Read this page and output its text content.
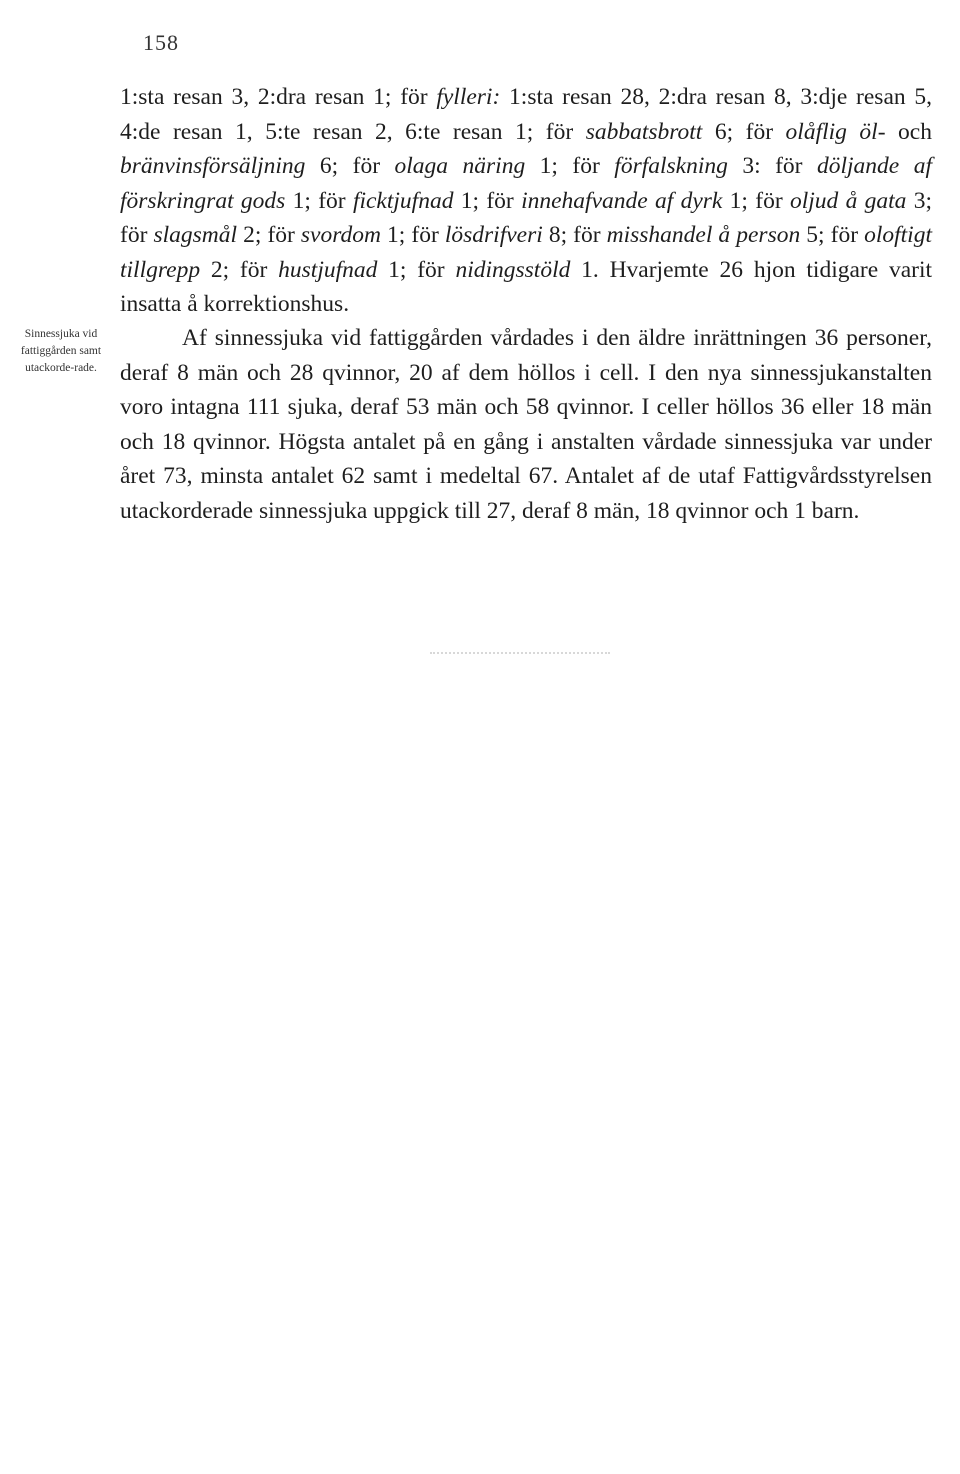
158

Sinnessjuka vid fattiggården samt utackorde-rade.

1:sta resan 3, 2:dra resan 1; för fylleri: 1:sta resan 28, 2:dra resan 8, 3:dje resan 5, 4:de resan 1, 5:te resan 2, 6:te resan 1; för sabbatsbrott 6; för olåflig öl- och bränvinsförsäljning 6; för olaga näring 1; för förfalskning 3: för döljande af förskringrat gods 1; för ficktjufnad 1; för innehafvande af dyrk 1; för oljud å gata 3; för slagsmål 2; för svordom 1; för lösdrifveri 8; för misshandel å person 5; för oloftigt tillgrepp 2; för hustjufnad 1; för nidingsstöld 1. Hvarjemte 26 hjon tidigare varit insatta å korrektionshus.

Af sinnessjuka vid fattiggården vårdades i den äldre inrättningen 36 personer, deraf 8 män och 28 qvinnor, 20 af dem höllos i cell. I den nya sinnessjukanstalten voro intagna 111 sjuka, deraf 53 män och 58 qvinnor. I celler höllos 36 eller 18 män och 18 qvinnor. Högsta antalet på en gång i anstalten vårdade sinnessjuka var under året 73, minsta antalet 62 samt i medeltal 67. Antalet af de utaf Fattigvårdsstyrelsen utackorderade sinnessjuka uppgick till 27, deraf 8 män, 18 qvinnor och 1 barn.
